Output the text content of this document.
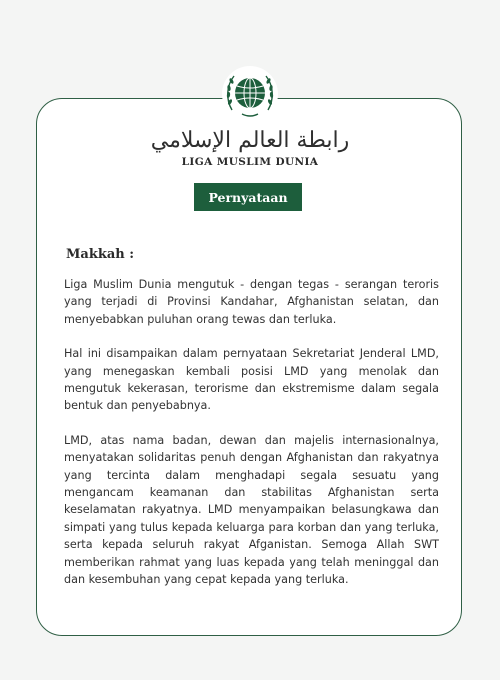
رابطة العالم الإسلامي
LIGA MUSLIM DUNIA
Pernyataan
Makkah :

Liga Muslim Dunia mengutuk - dengan tegas - serangan teroris yang terjadi di Provinsi Kandahar, Afghanistan selatan, dan menyebabkan puluhan orang tewas dan terluka.

Hal ini disampaikan dalam pernyataan Sekretariat Jenderal LMD, yang menegaskan kembali posisi LMD yang menolak dan mengutuk kekerasan, terorisme dan ekstremisme dalam segala bentuk dan penyebabnya.

LMD, atas nama badan, dewan dan majelis internasionalnya, menyatakan solidaritas penuh dengan Afghanistan dan rakyatnya yang tercinta dalam menghadapi segala sesuatu yang mengancam keamanan dan stabilitas Afghanistan serta keselamatan rakyatnya. LMD menyampaikan belasungkawa dan simpati yang tulus kepada keluarga para korban dan yang terluka, serta kepada seluruh rakyat Afganistan. Semoga Allah SWT memberikan rahmat yang luas kepada yang telah meninggal dan dan kesembuhan yang cepat kepada yang terluka.
